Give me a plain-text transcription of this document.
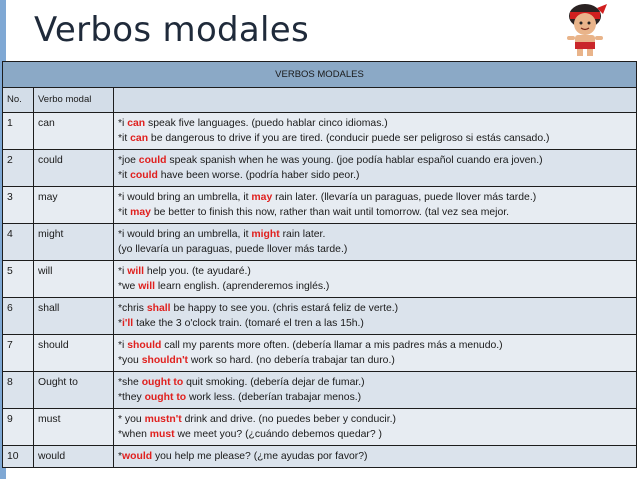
Verbos modales
VERBOS MODALES		
No.	Verbo modal	
1	can	*i can speak five languages. (puedo hablar cinco idiomas.)
*it can be dangerous to drive if you are tired. (conducir puede ser peligroso si estás cansado.)

2	could	*joe could speak spanish when he was young. (joe podía hablar español cuando era joven.)
*it could have been worse. (podría haber sido peor.)

3	may	*i would bring an umbrella, it may rain later. (llevaría un paraguas, puede llover más tarde.)
*it may be better to finish this now, rather than wait until tomorrow. (tal vez sea mejor.

4	might	*i would bring an umbrella, it might rain later.
(yo llevaría un paraguas, puede llover más tarde.)

5	will	*i will help you. (te ayudaré.)
*we will learn english. (aprenderemos inglés.)

6	shall	*chris shall be happy to see you. (chris estará feliz de verte.)
*i'll take the 3 o'clock train. (tomaré el tren a las 15h.)

7	should	*i should call my parents more often. (debería llamar a mis padres más a menudo.)
*you shouldn't work so hard. (no debería trabajar tan duro.)

8	Ought to	*she ought to quit smoking. (debería dejar de fumar.)
*they ought to work less. (deberían trabajar menos.)

9	must	* you mustn't drink and drive. (no puedes beber y conducir.)
*when must we meet you? (¿cuándo debemos quedar? )

10	would	*would you help me please? (¿me ayudas por favor?)
